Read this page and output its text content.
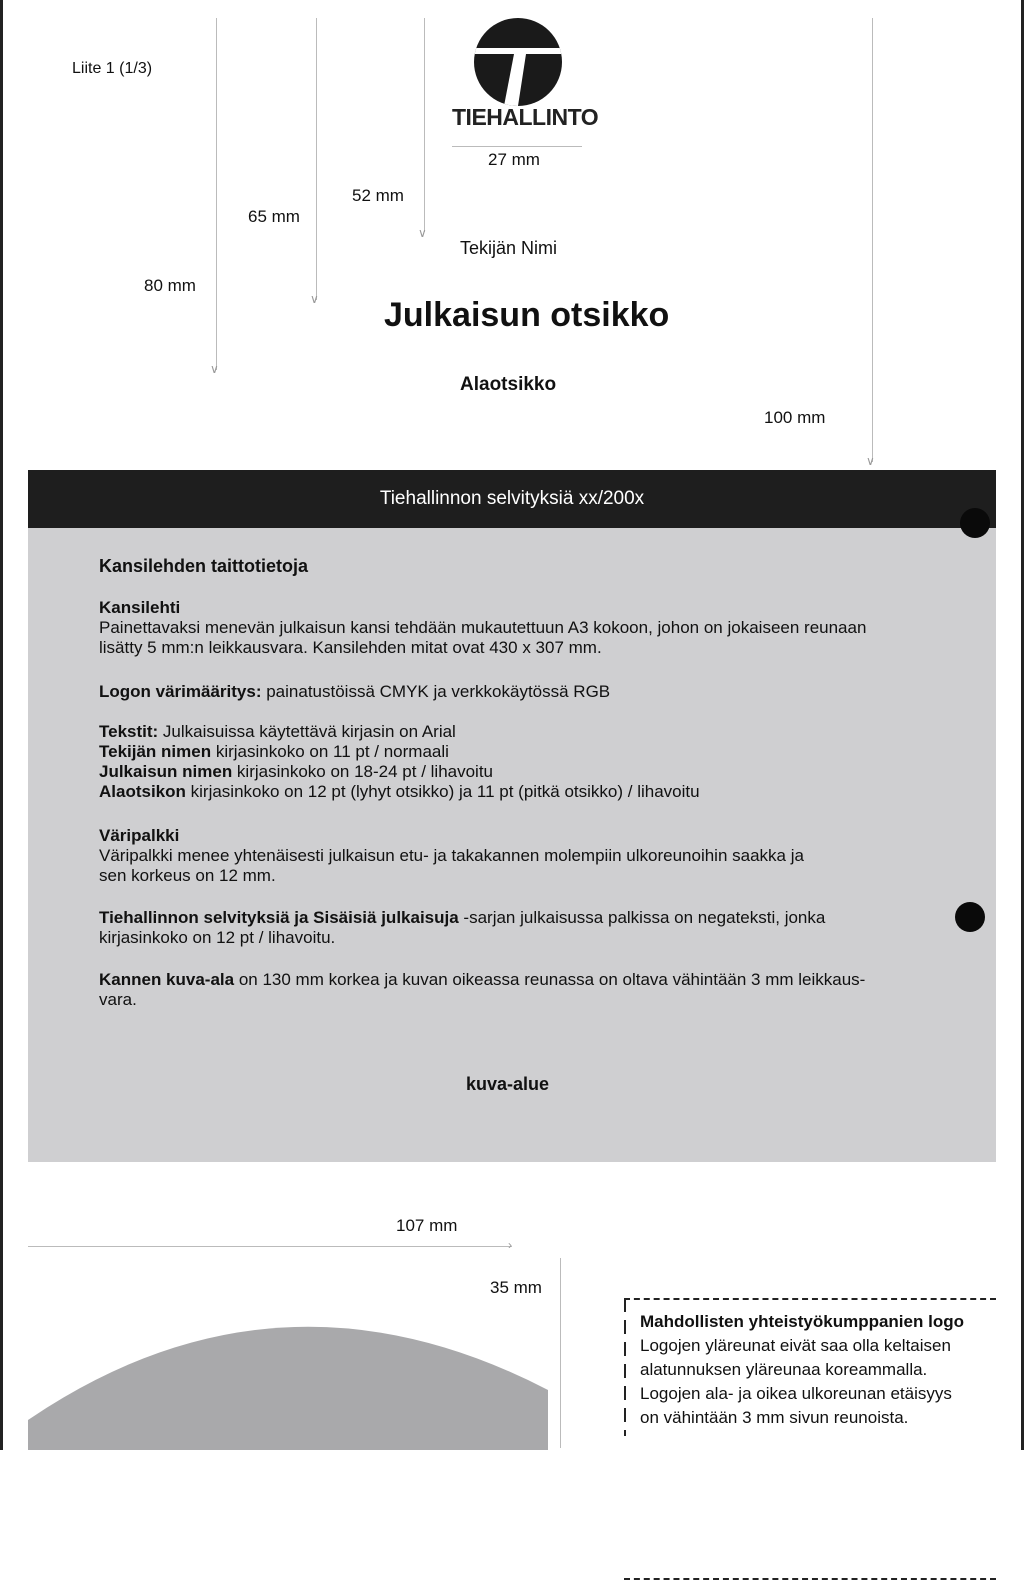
Liite 1 (1/3)
∨
∨
∨
∨
80 mm
65 mm
52 mm
100 mm
TIEHALLINTO
27 mm
Tekijän Nimi
Julkaisun otsikko
Alaotsikko
Tiehallinnon selvityksiä xx/200x
Kansilehden taittotietoja
Kansilehti
Painettavaksi menevän julkaisun kansi tehdään mukautettuun A3 kokoon, johon on jokaiseen reunaan
lisätty 5 mm:n leikkausvara. Kansilehden mitat ovat 430 x 307 mm.
Logon värimääritys: painatustöissä CMYK ja verkkokäytössä RGB
Tekstit: Julkaisuissa käytettävä kirjasin on Arial
Tekijän nimen kirjasinkoko on 11 pt / normaali
Julkaisun nimen kirjasinkoko on 18-24 pt / lihavoitu
Alaotsikon kirjasinkoko on 12 pt (lyhyt otsikko) ja 11 pt (pitkä otsikko) / lihavoitu
Väripalkki
Väripalkki menee yhtenäisesti julkaisun etu- ja takakannen molempiin ulkoreunoihin saakka ja
sen korkeus on 12 mm.
Tiehallinnon selvityksiä ja Sisäisiä julkaisuja -sarjan julkaisussa palkissa on negateksti, jonka
kirjasinkoko on 12 pt / lihavoitu.
Kannen kuva-ala on 130 mm korkea ja kuvan oikeassa reunassa on oltava vähintään 3 mm leikkaus-
vara.
kuva-alue
107 mm
›
35 mm
Mahdollisten yhteistyökumppanien logo
Logojen yläreunat eivät saa olla keltaisen
alatunnuksen yläreunaa koreammalla.
Logojen ala- ja oikea ulkoreunan etäisyys
on vähintään 3 mm sivun reunoista.
